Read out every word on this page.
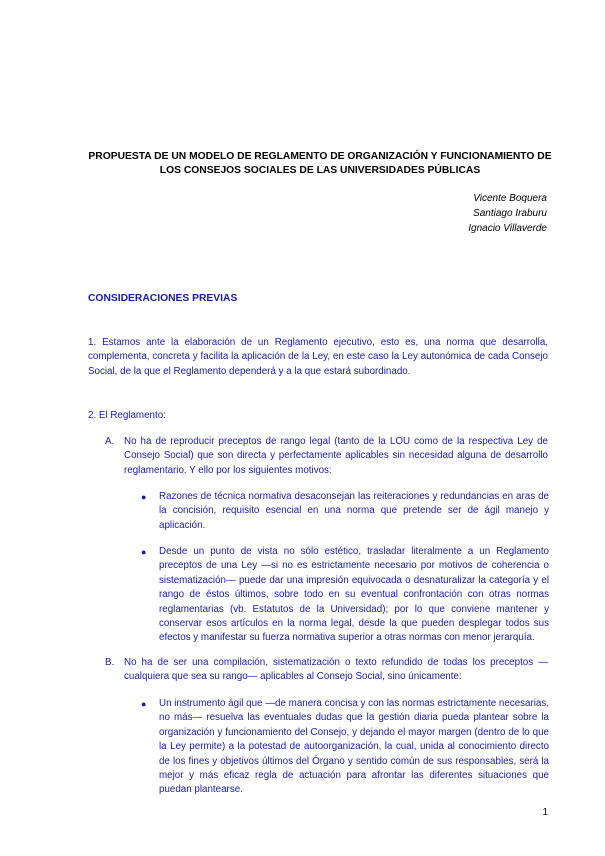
PROPUESTA DE UN MODELO DE REGLAMENTO DE ORGANIZACIÓN Y FUNCIONAMIENTO DE
LOS CONSEJOS SOCIALES DE LAS UNIVERSIDADES PÚBLICAS
Vicente Boquera
Santiago Iraburu
Ignacio Villaverde
CONSIDERACIONES PREVIAS
1. Estamos ante la elaboración de un Reglamento ejecutivo, esto es, una norma que desarrolla, complementa, concreta y facilita la aplicación de la Ley, en este caso la Ley autonómica de cada Consejo Social, de la que el Reglamento dependerá y a la que estará subordinado.
2. El Reglamento:
A. No ha de reproducir preceptos de rango legal (tanto de la LOU como de la respectiva Ley de Consejo Social) que son directa y perfectamente aplicables sin necesidad alguna de desarrollo reglamentario. Y ello por los siguientes motivos:
● Razones de técnica normativa desaconsejan las reiteraciones y redundancias en aras de la concisión, requisito esencial en una norma que pretende ser de ágil manejo y aplicación.
● Desde un punto de vista no sólo estético, trasladar literalmente a un Reglamento preceptos de una Ley —si no es estrictamente necesario por motivos de coherencia o sistematización— puede dar una impresión equivocada o desnaturalizar la categoría y el rango de éstos últimos, sobre todo en su eventual confrontación con otras normas reglamentarias (vb. Estatutos de la Universidad); por lo que conviene mantener y conservar esos artículos en la norma legal, desde la que pueden desplegar todos sus efectos y manifestar su fuerza normativa superior a otras normas con menor jerarquía.
B. No ha de ser una compilación, sistematización o texto refundido de todas los preceptos — cualquiera que sea su rango— aplicables al Consejo Social, sino únicamente:
● Un instrumento ágil que —de manera concisa y con las normas estrictamente necesarias, no más— resuelva las eventuales dudas que la gestión diaria pueda plantear sobre la organización y funcionamiento del Consejo, y dejando el mayor margen (dentro de lo que la Ley permite) a la potestad de autoorganización, la cual, unida al conocimiento directo de los fines y objetivos últimos del Órgano y sentido común de sus responsables, será la mejor y más eficaz regla de actuación para afrontar las diferentes situaciones que puedan plantearse.
1
